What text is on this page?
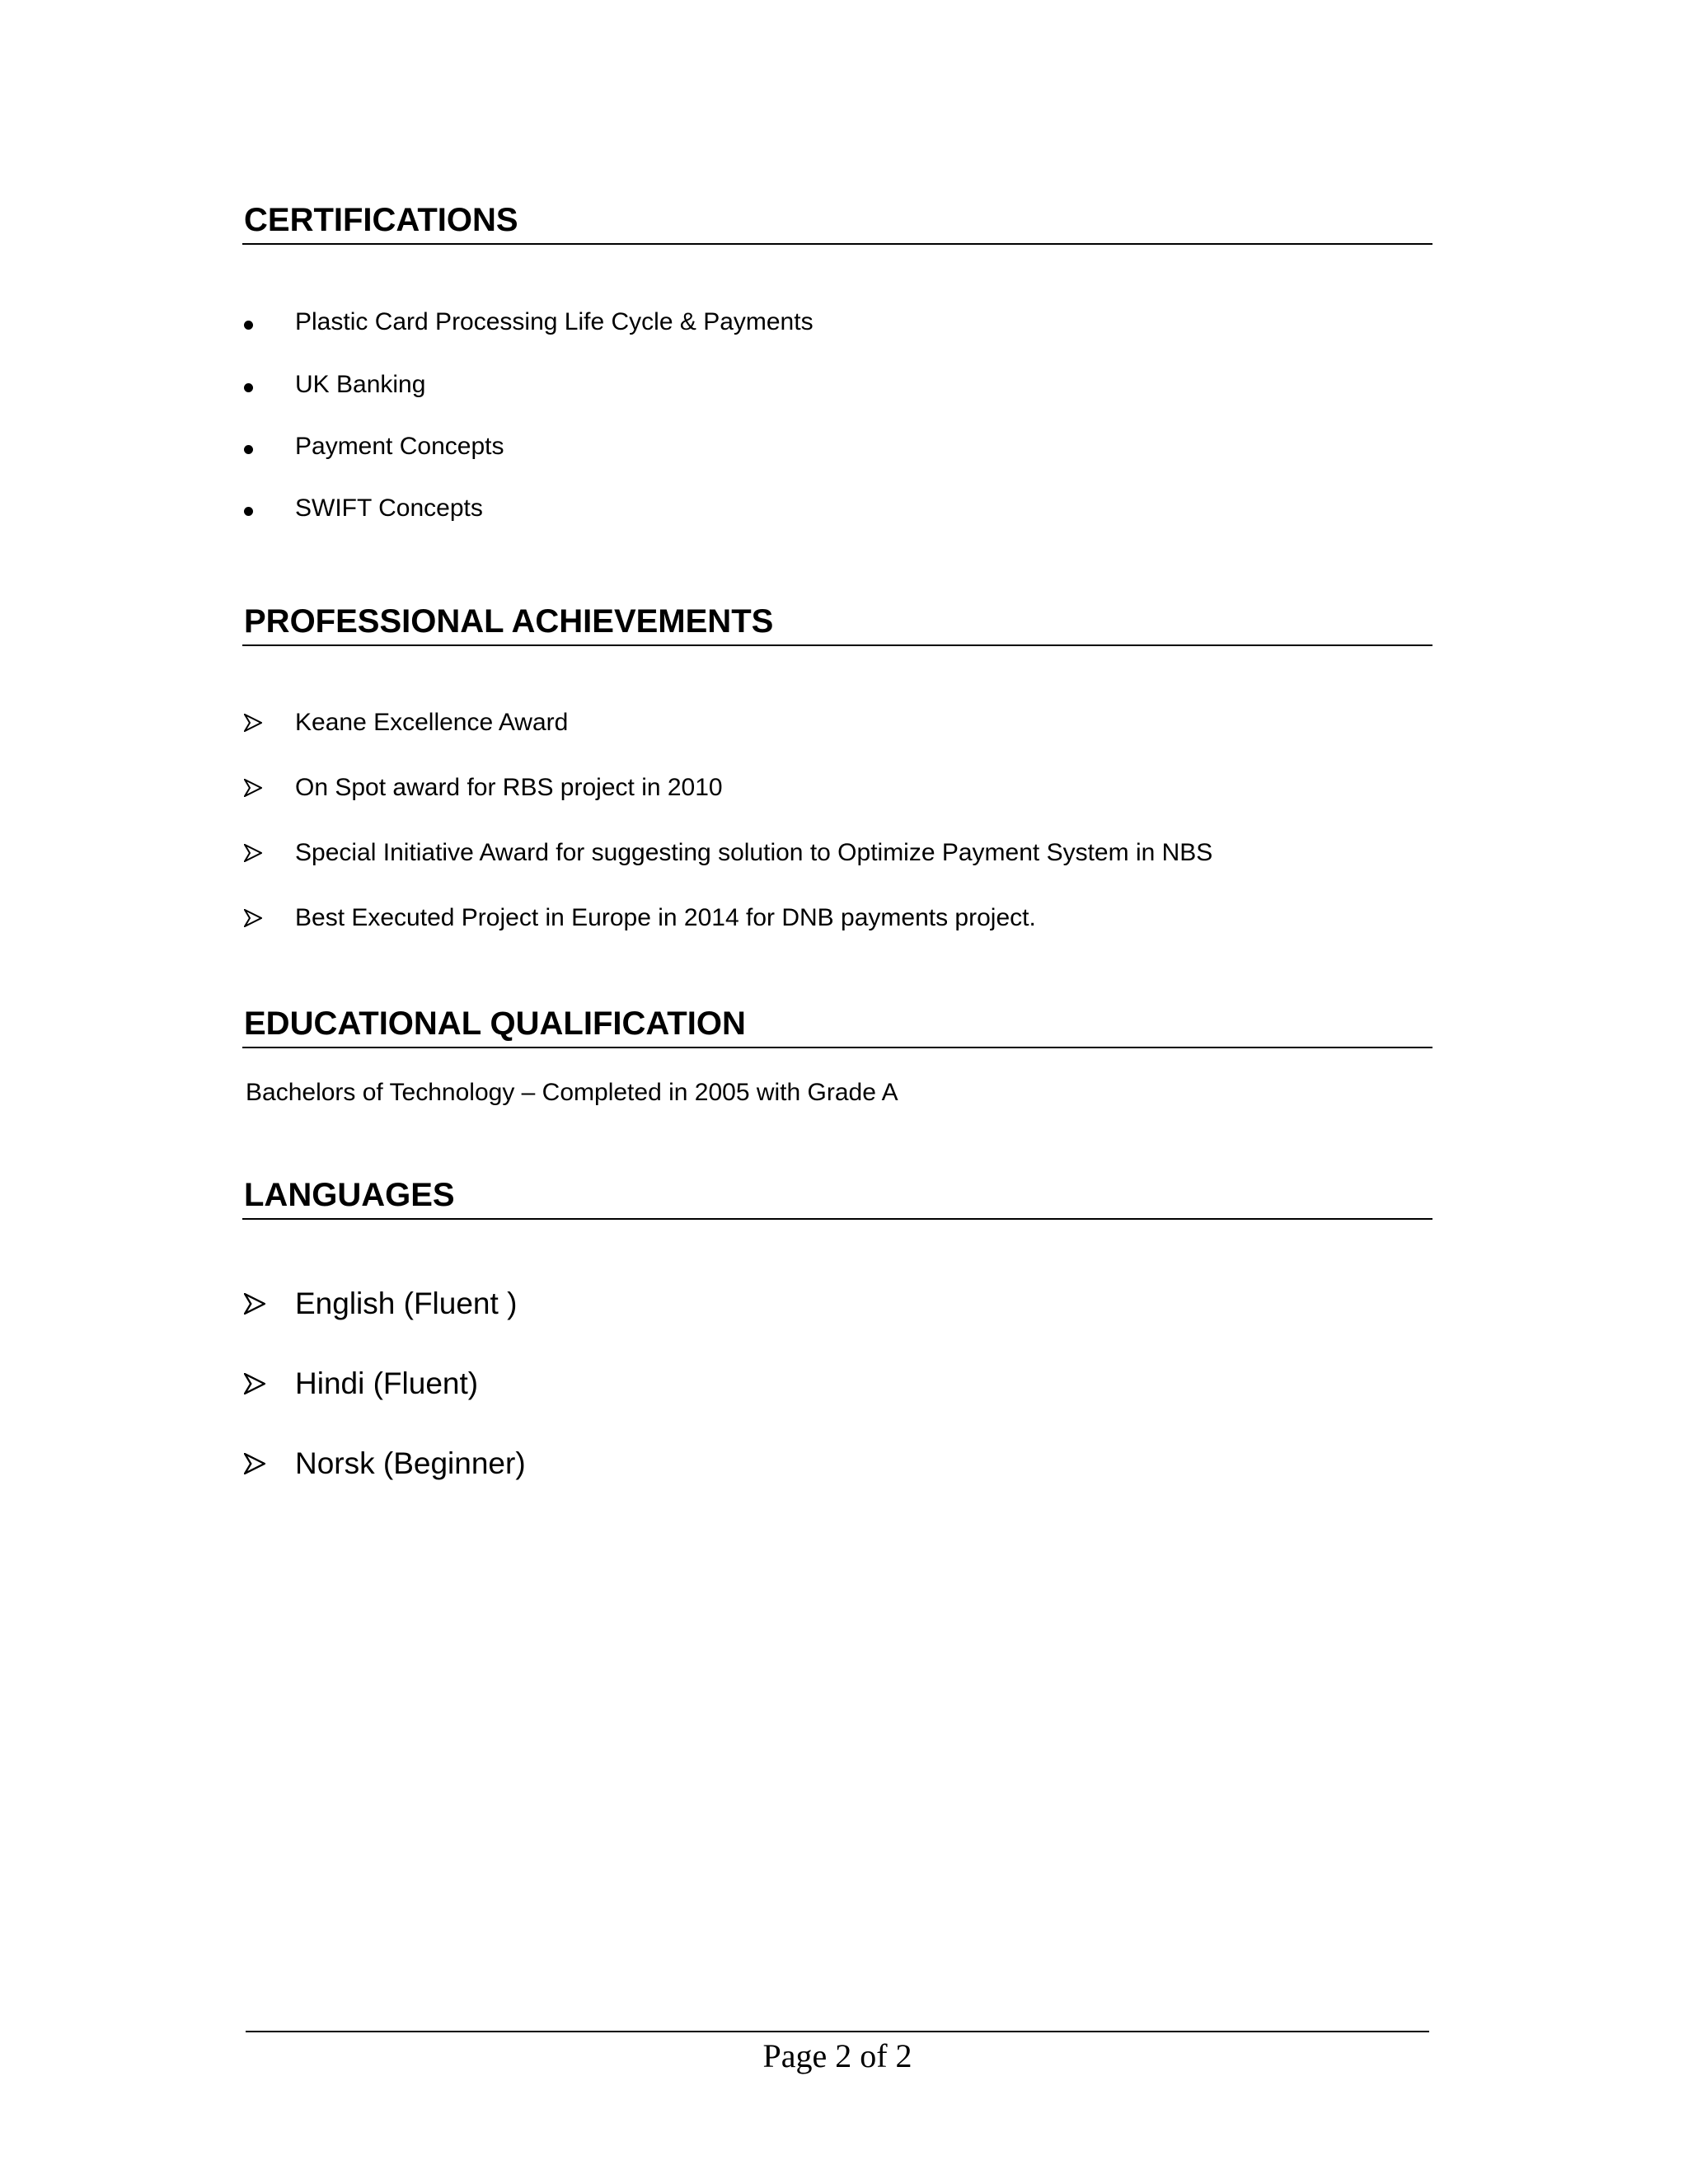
CERTIFICATIONS
Plastic Card Processing Life Cycle & Payments
UK Banking
Payment Concepts
SWIFT Concepts
PROFESSIONAL ACHIEVEMENTS
Keane Excellence Award
On Spot award for RBS project in 2010
Special Initiative Award for suggesting solution to Optimize Payment System in NBS
Best Executed Project in Europe in 2014 for DNB payments project.
EDUCATIONAL QUALIFICATION
Bachelors of Technology – Completed in 2005 with Grade A
LANGUAGES
English (Fluent )
Hindi (Fluent)
Norsk (Beginner)
Page 2 of 2
